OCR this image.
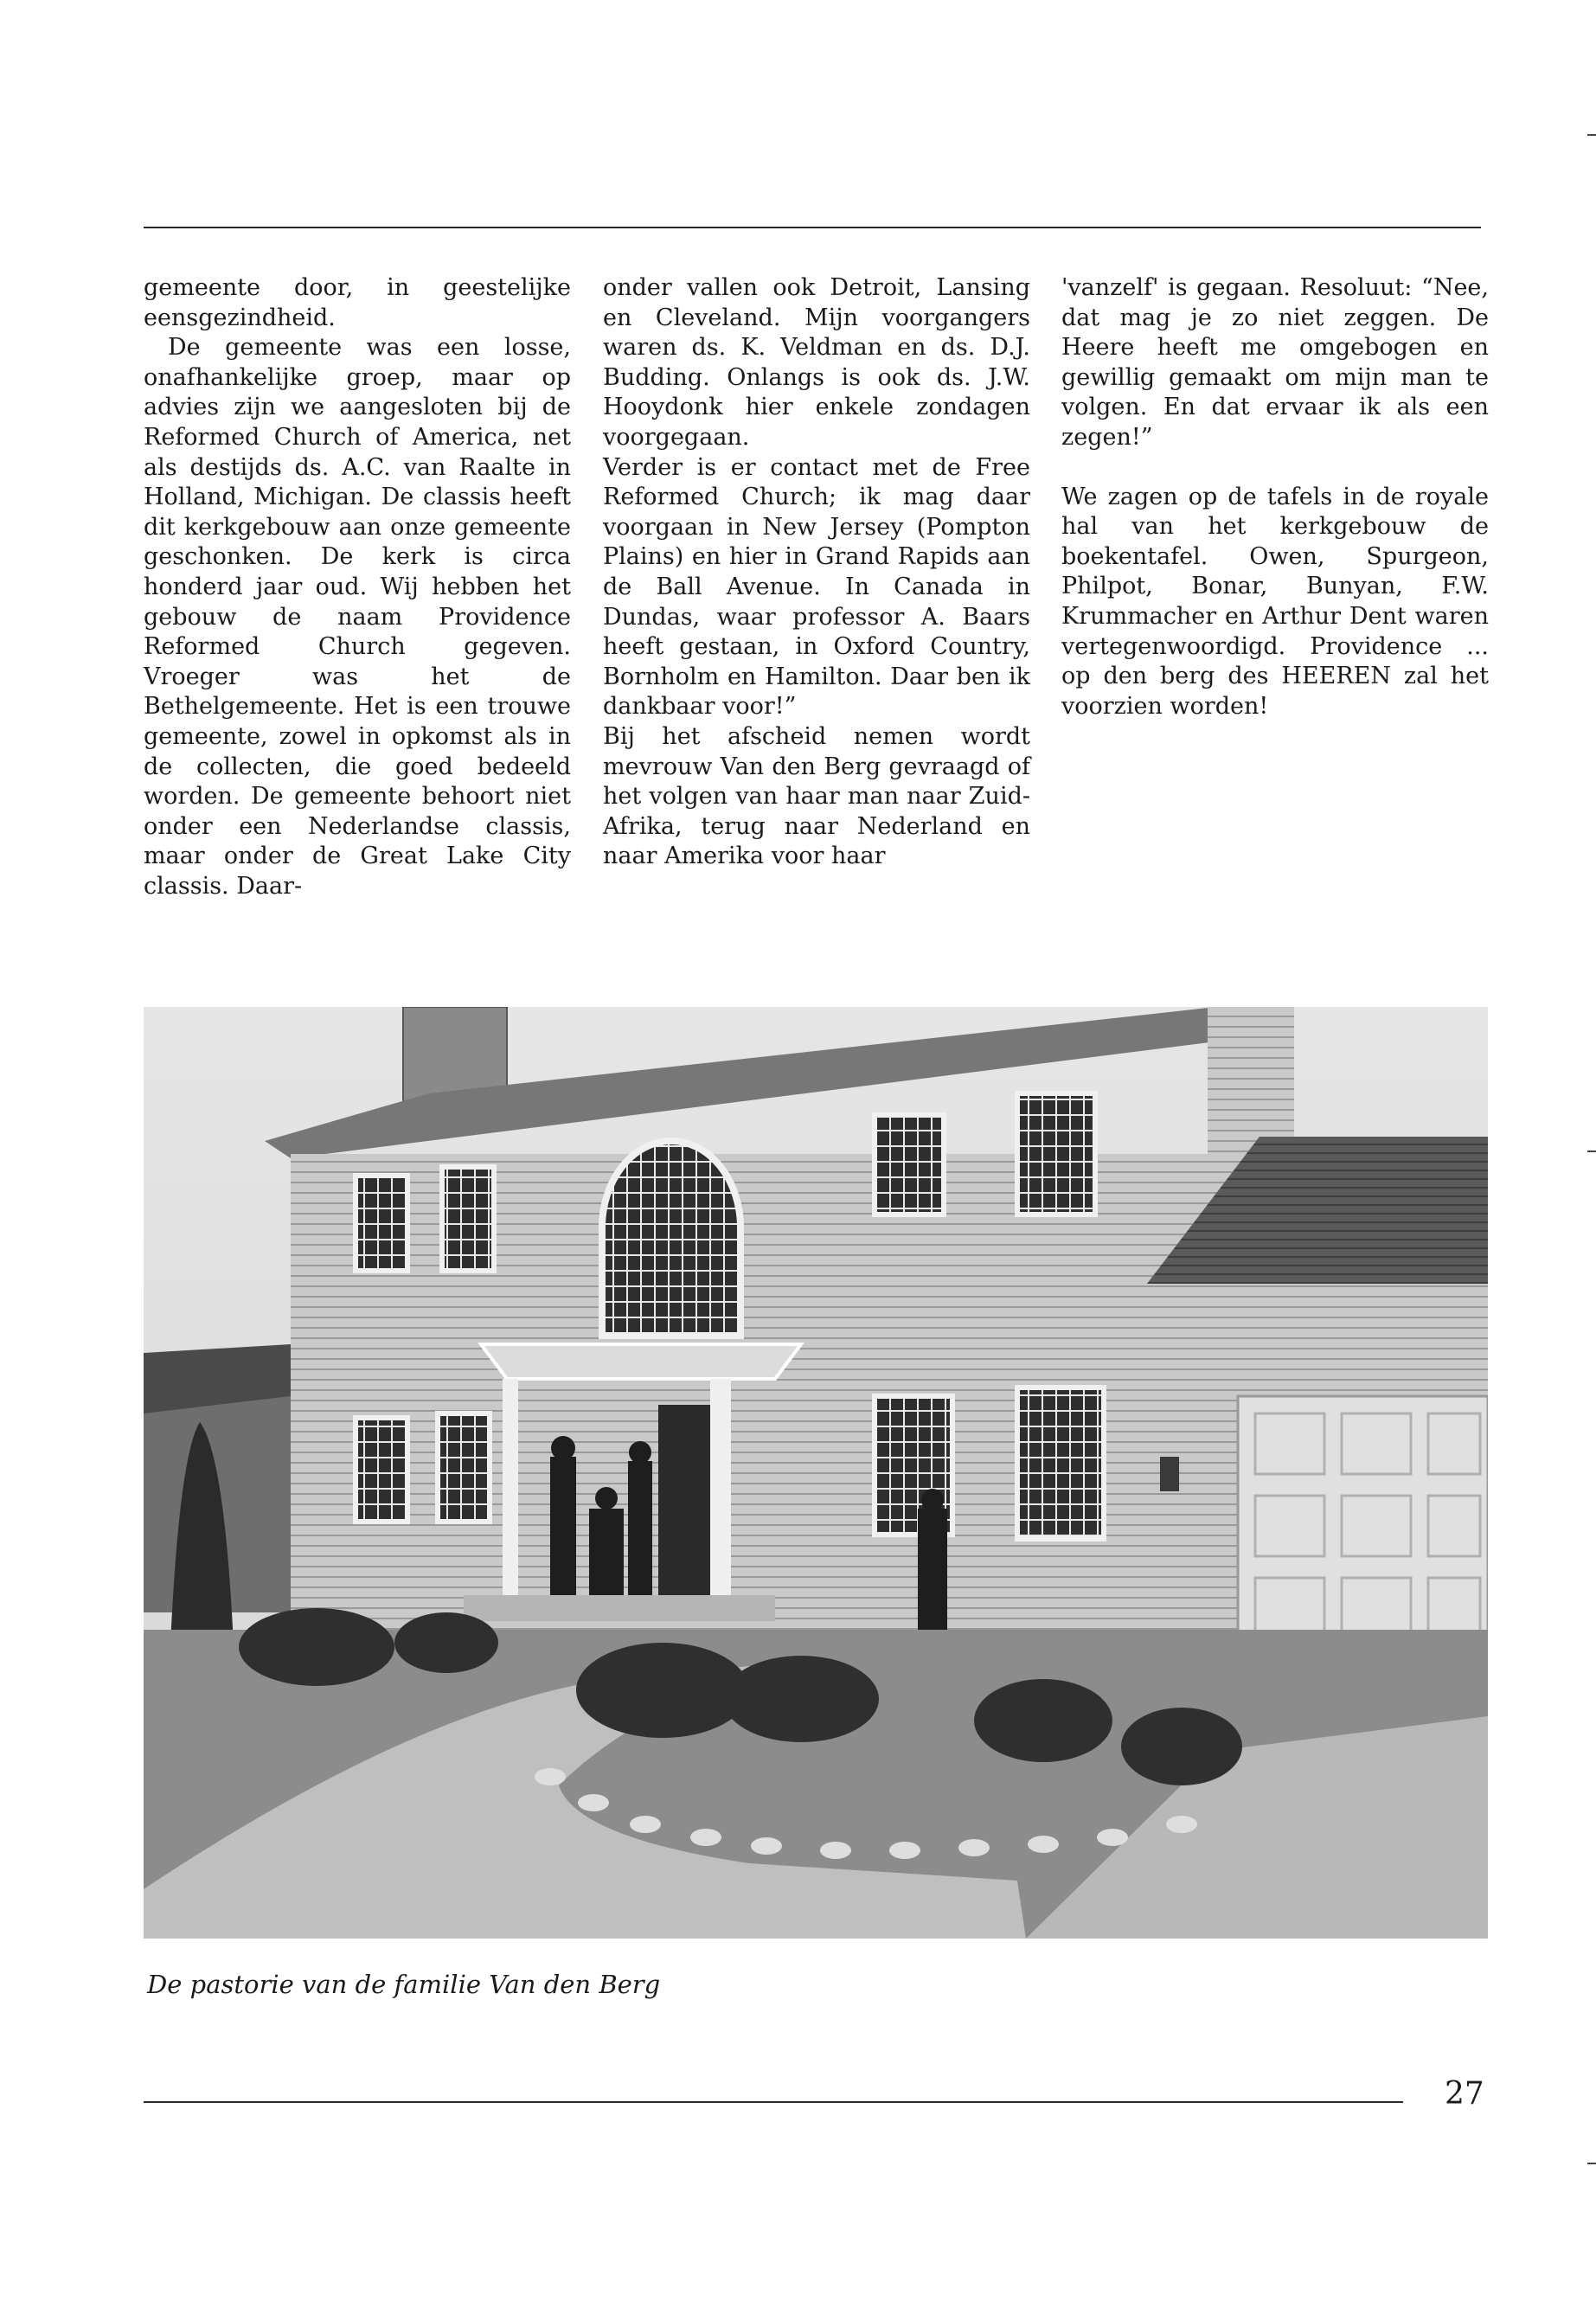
gemeente door, in geestelijke eensgezindheid.

De gemeente was een losse, onafhankelijke groep, maar op advies zijn we aangesloten bij de Reformed Church of America, net als destijds ds. A.C. van Raalte in Holland, Michigan. De classis heeft dit kerkgebouw aan onze gemeente geschonken. De kerk is circa honderd jaar oud. Wij hebben het gebouw de naam Providence Reformed Church gegeven. Vroeger was het de Bethelgemeente. Het is een trouwe gemeente, zowel in opkomst als in de collecten, die goed bedeeld worden. De gemeente behoort niet onder een Nederlandse classis, maar onder de Great Lake City classis. Daar-

onder vallen ook Detroit, Lansing en Cleveland. Mijn voorgangers waren ds. K. Veldman en ds. D.J. Budding. Onlangs is ook ds. J.W. Hooydonk hier enkele zondagen voorgegaan.

Verder is er contact met de Free Reformed Church; ik mag daar voorgaan in New Jersey (Pompton Plains) en hier in Grand Rapids aan de Ball Avenue. In Canada in Dundas, waar professor A. Baars heeft gestaan, in Oxford Country, Bornholm en Hamilton. Daar ben ik dankbaar voor!”

Bij het afscheid nemen wordt mevrouw Van den Berg gevraagd of het volgen van haar man naar Zuid-Afrika, terug naar Nederland en naar Amerika voor haar

'vanzelf' is gegaan. Resoluut: “Nee, dat mag je zo niet zeggen. De Heere heeft me omgebogen en gewillig gemaakt om mijn man te volgen. En dat ervaar ik als een zegen!”

We zagen op de tafels in de royale hal van het kerkgebouw de boekentafel. Owen, Spurgeon, Philpot, Bonar, Bunyan, F.W. Krummacher en Arthur Dent waren vertegenwoordigd. Providence ... op den berg des HEEREN zal het voorzien worden!

De pastorie van de familie Van den Berg
27
